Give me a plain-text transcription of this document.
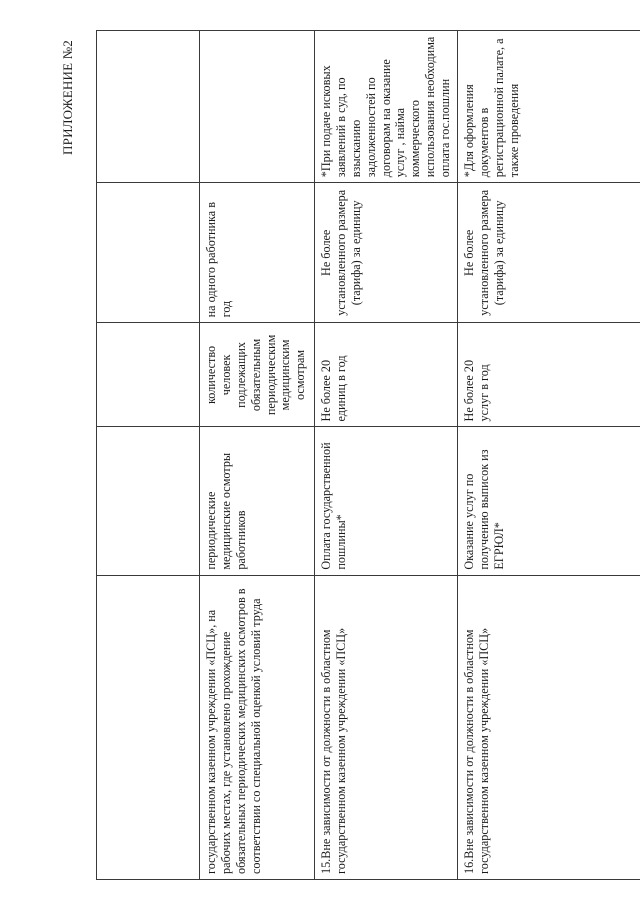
ПРИЛОЖЕНИЕ №2

государственном казенном учреждении «ПСЦ», на рабочих местах, где установлено прохождение обязательных периодических медицинских осмотров в соответствии со специальной оценкой условий труда	периодические медицинские осмотры работников	количество человек подлежащих обязательным периодическим медицинским осмотрам	на одного работника в год	
15.Вне зависимости от должности в областном государственном казенном учреждении «ПСЦ»	Оплата государственной пошлины*	Не более 20 единиц в год	Не более установленного размера (тарифа) за единицу	*При подаче исковых заявлений в суд, по взысканию задолженностей по договорам на оказание услуг , найма коммерческого использования необходима оплата гос.пошлин
16.Вне зависимости от должности в областном государственном казенном учреждении «ПСЦ»	Оказание услуг по получению выписок из ЕГРЮЛ*	Не более 20 услуг в год	Не более установленного размера (тарифа) за единицу	*Для оформления документов в регистрационной палате, а также проведения
